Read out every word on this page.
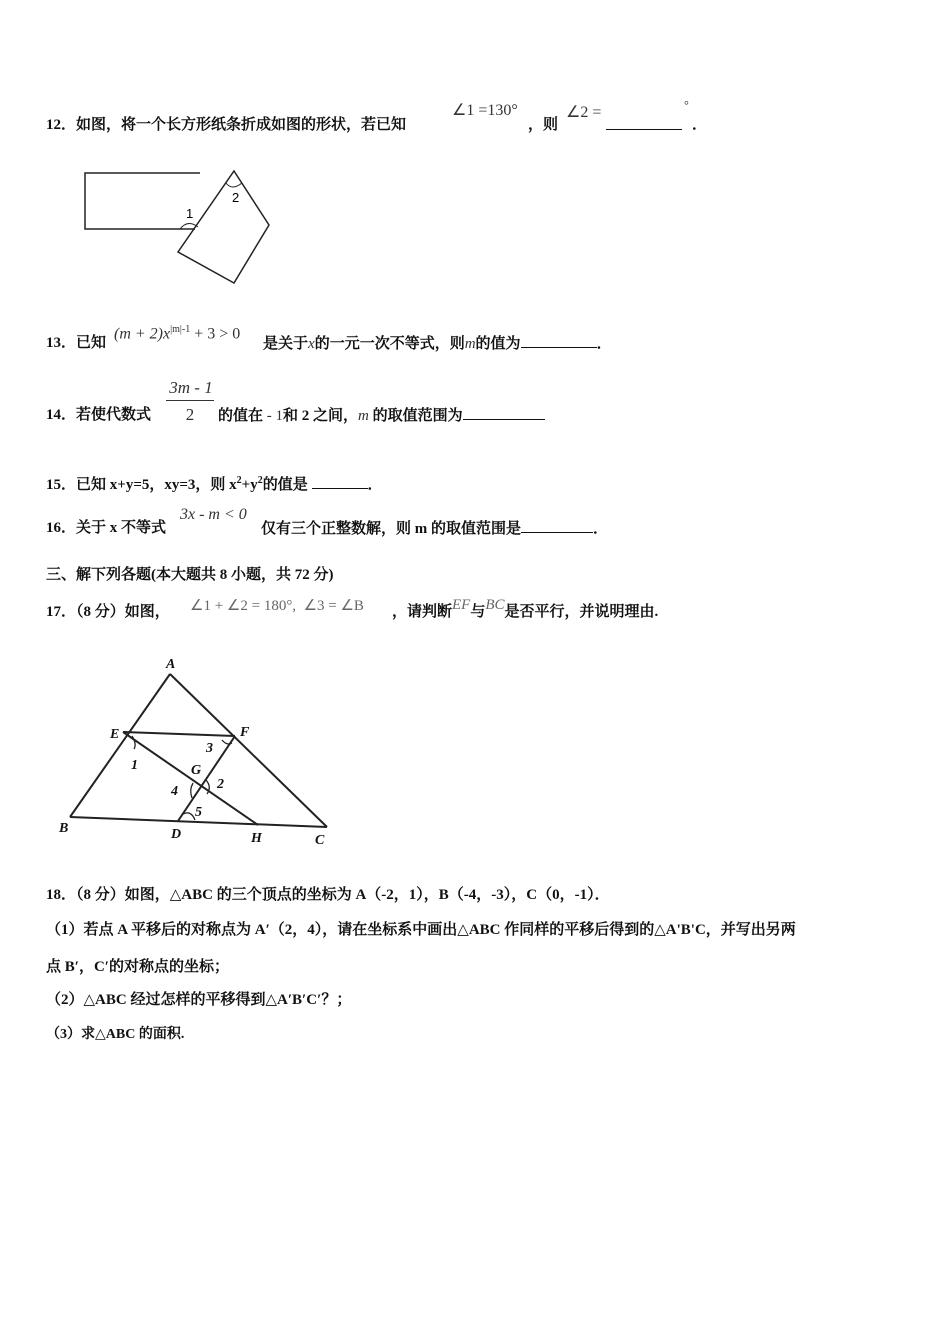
12．如图，将一个长方形纸条折成如图的形状，若已知
∠1 =130°
，则
∠2 =	°
．
1
2
13．已知
$(m + 2)x^{|m|-1} + 3 > 0$
是关于x的一元一次不等式，则m的值为	．
14．若使代数式
3m - 1
2	的值在 - 1和 2 之间，m 的取值范围为
15．已知 x+y=5，xy=3，则 $x^2+y^2$的值是	．
16．关于 x 不等式
3x - m < 0
仅有三个正整数解，则 m 的取值范围是	．
三、解下列各题(本大题共 8 小题，共 72 分)
17．（8 分）如图， ∠1 + ∠2 = 180°, ∠3 = ∠B ，请判断EF与BC是否平行，并说明理由.
A
B
C
D
E	F
G
H
1
2
3
4
5
18．（8 分）如图，△ABC 的三个顶点的坐标为 A（-2，1），B（-4，-3），C（0，-1）．
（1）若点 A 平移后的对称点为 A′（2，4），请在坐标系中画出△ABC 作同样的平移后得到的△A'B'C，并写出另两
点 B′，C′的对称点的坐标；
（2）△ABC 经过怎样的平移得到△A′B′C′？；
（3）求△ABC 的面积.
